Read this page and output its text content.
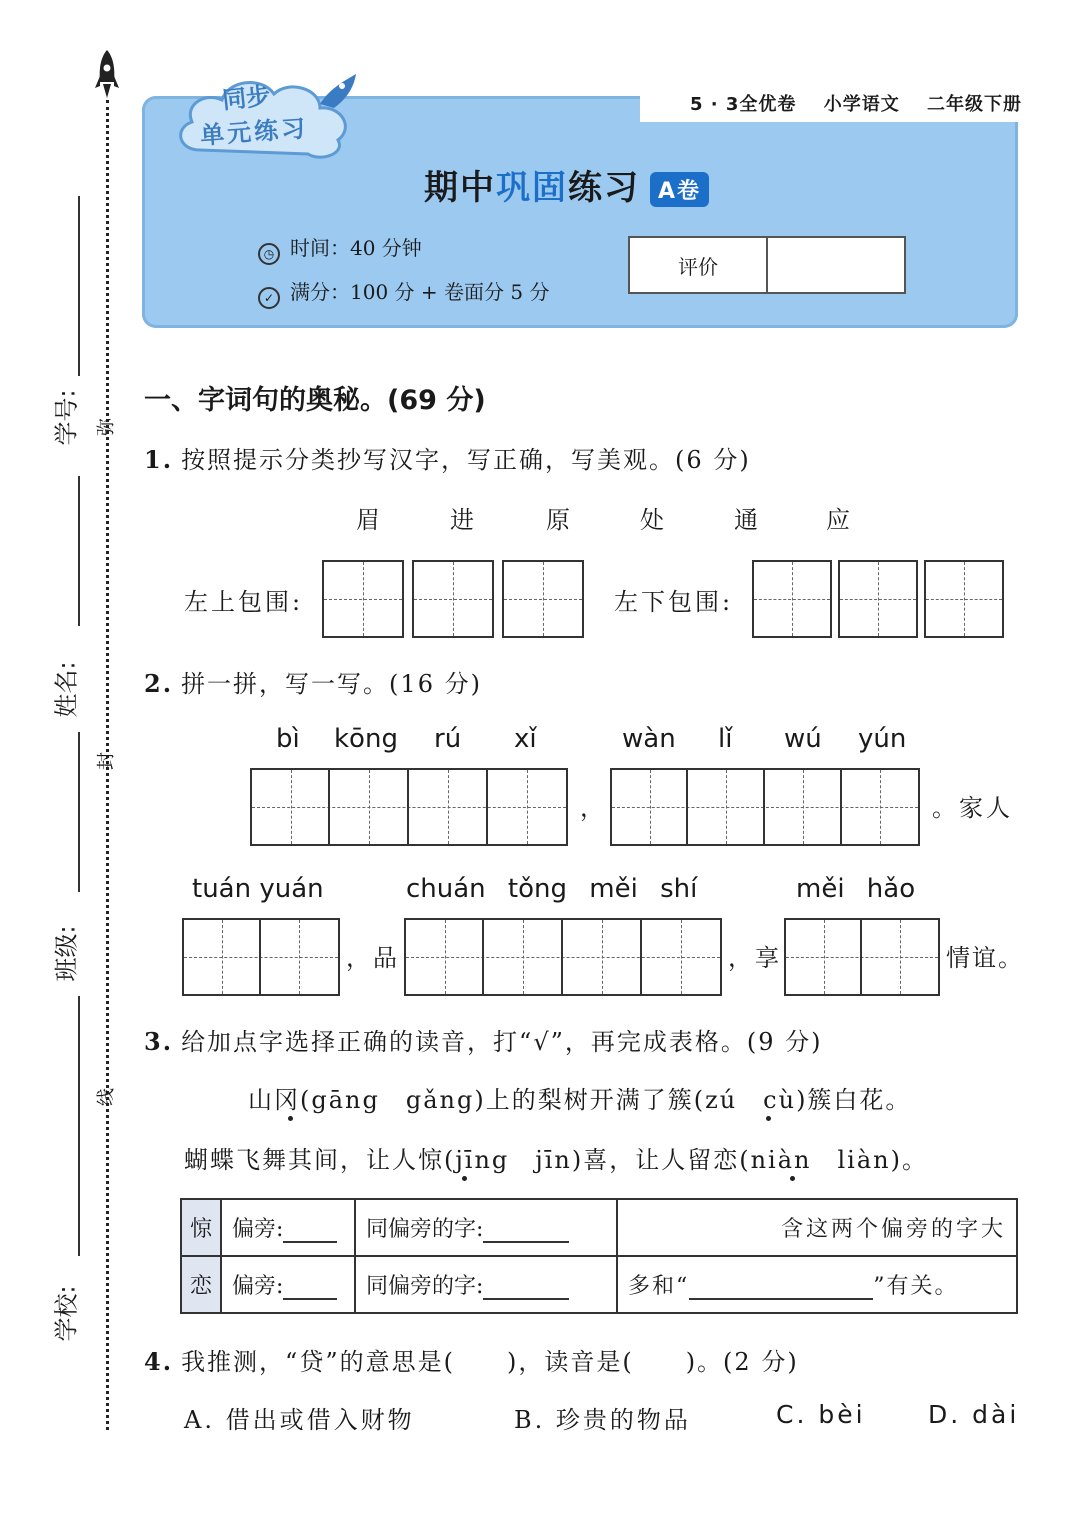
学号: 弥
姓名:
封
班级:
线
学校:
5 · 3全优卷 小学语文 二年级下册
同步
单元练习
期中巩固练习 A卷
◷ 时间：40 分钟
✓ 满分：100 分 + 卷面分 5 分
评价
一、字词句的奥秘。(69 分)
1. 按照提示分类抄写汉字，写正确，写美观。(6 分)
眉	进	原	处	通	应
左上包围:	左下包围:
2. 拼一拼，写一写。(16 分)
bì kōng rú xǐ	wàn lǐ wú yún
，	。家人
tuán yuán	chuán tǒng měi shí	měi hǎo
，品	，享	情谊。
3. 给加点字选择正确的读音，打“√”，再完成表格。(9 分)
山冈(gāng　gǎng)上的梨树开满了簇(zú　cù)簇白花。
蝴蝶飞舞其间，让人惊(jīng　jīn)喜，让人留恋(niàn　liàn)。
惊	偏旁:	同偏旁的字:	含这两个偏旁的字大
恋	偏旁:	同偏旁的字:	多和“ ”有关。
4. 我推测，“贷”的意思是(　　)，读音是(　　)。(2 分)
A. 借出或借入财物	B. 珍贵的物品	C. bèi D. dài
